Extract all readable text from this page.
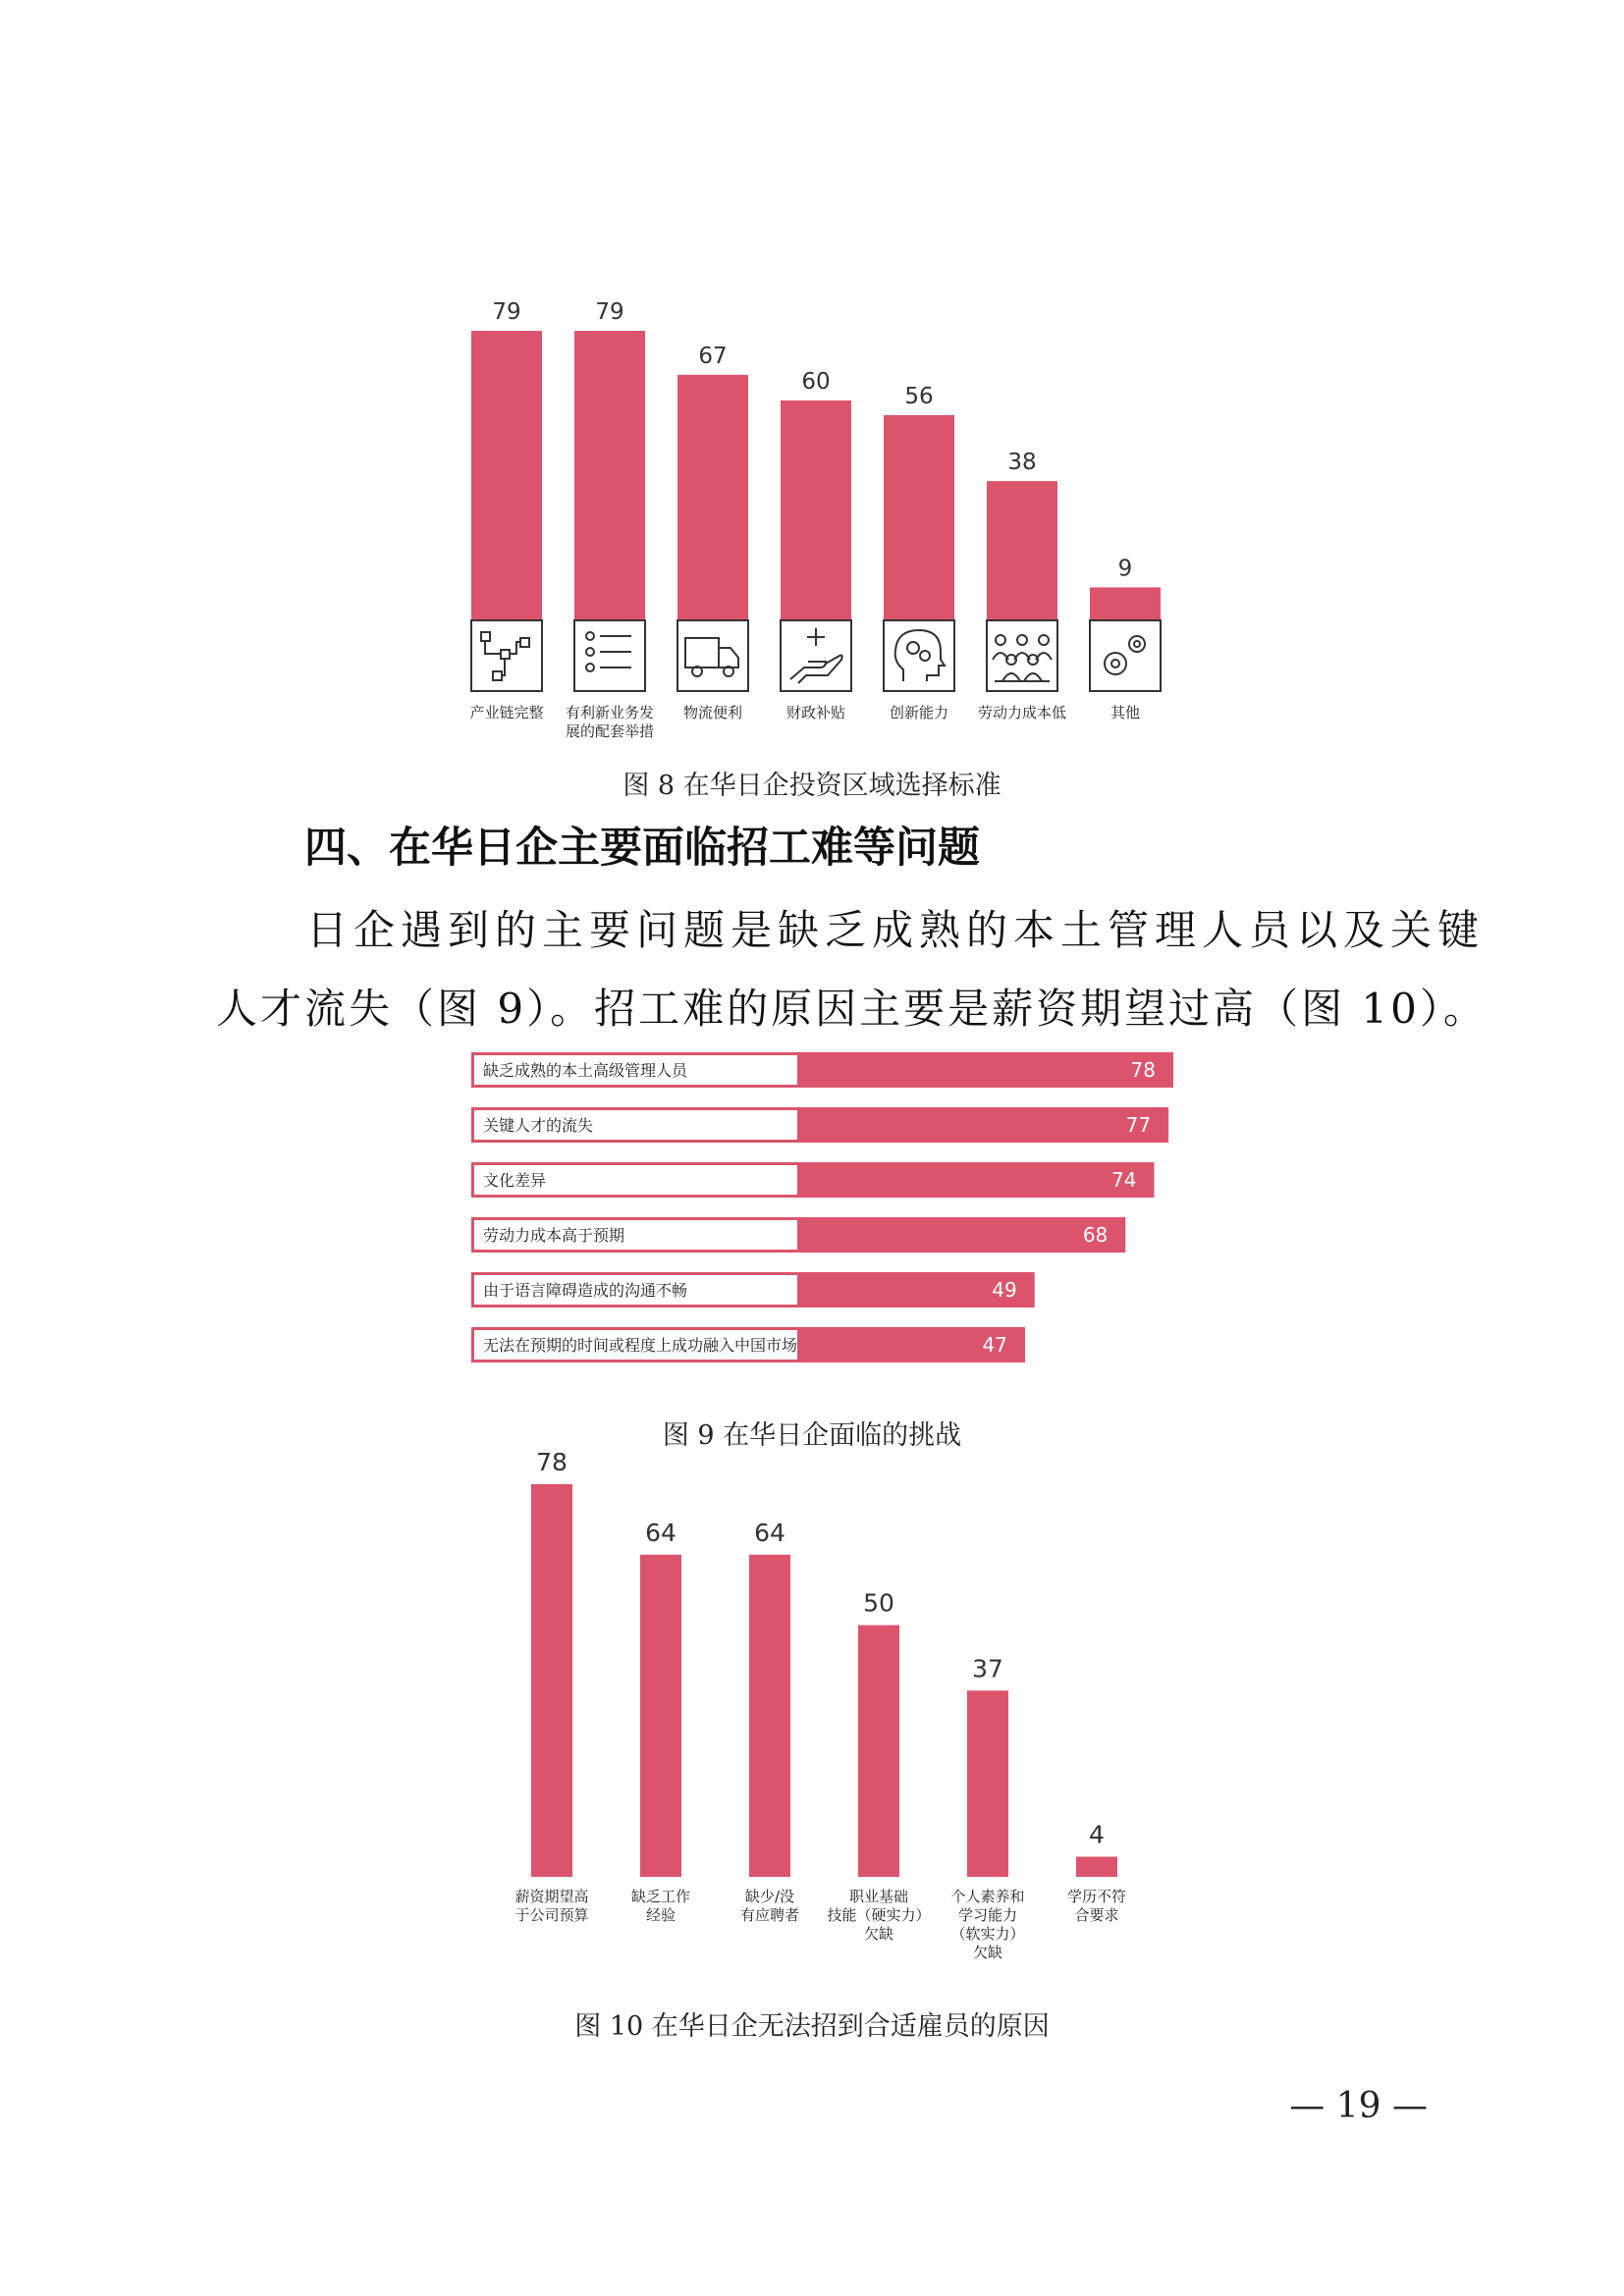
79
产业链完整
79
有利新业务发
展的配套举措
67
物流便利
60
财政补贴
56
创新能力
38
劳动力成本低
9
其他
图 8 在华日企投资区域选择标准
四、在华日企主要面临招工难等问题
日企遇到的主要问题是缺乏成熟的本土管理人员以及关键
人才流失（图 9）。招工难的原因主要是薪资期望过高（图 10）。
缺乏成熟的本土高级管理人员	78
关键人才的流失	77
文化差异	74
劳动力成本高于预期	68
由于语言障碍造成的沟通不畅	49
无法在预期的时间或程度上成功融入中国市场	47
图 9 在华日企面临的挑战
78
薪资期望高
于公司预算
64
缺乏工作
经验
64
缺少/没
有应聘者
50
职业基础
技能（硬实力）
欠缺
37
个人素养和
学习能力
（软实力）
欠缺
4
学历不符
合要求
图 10 在华日企无法招到合适雇员的原因
— 19 —
